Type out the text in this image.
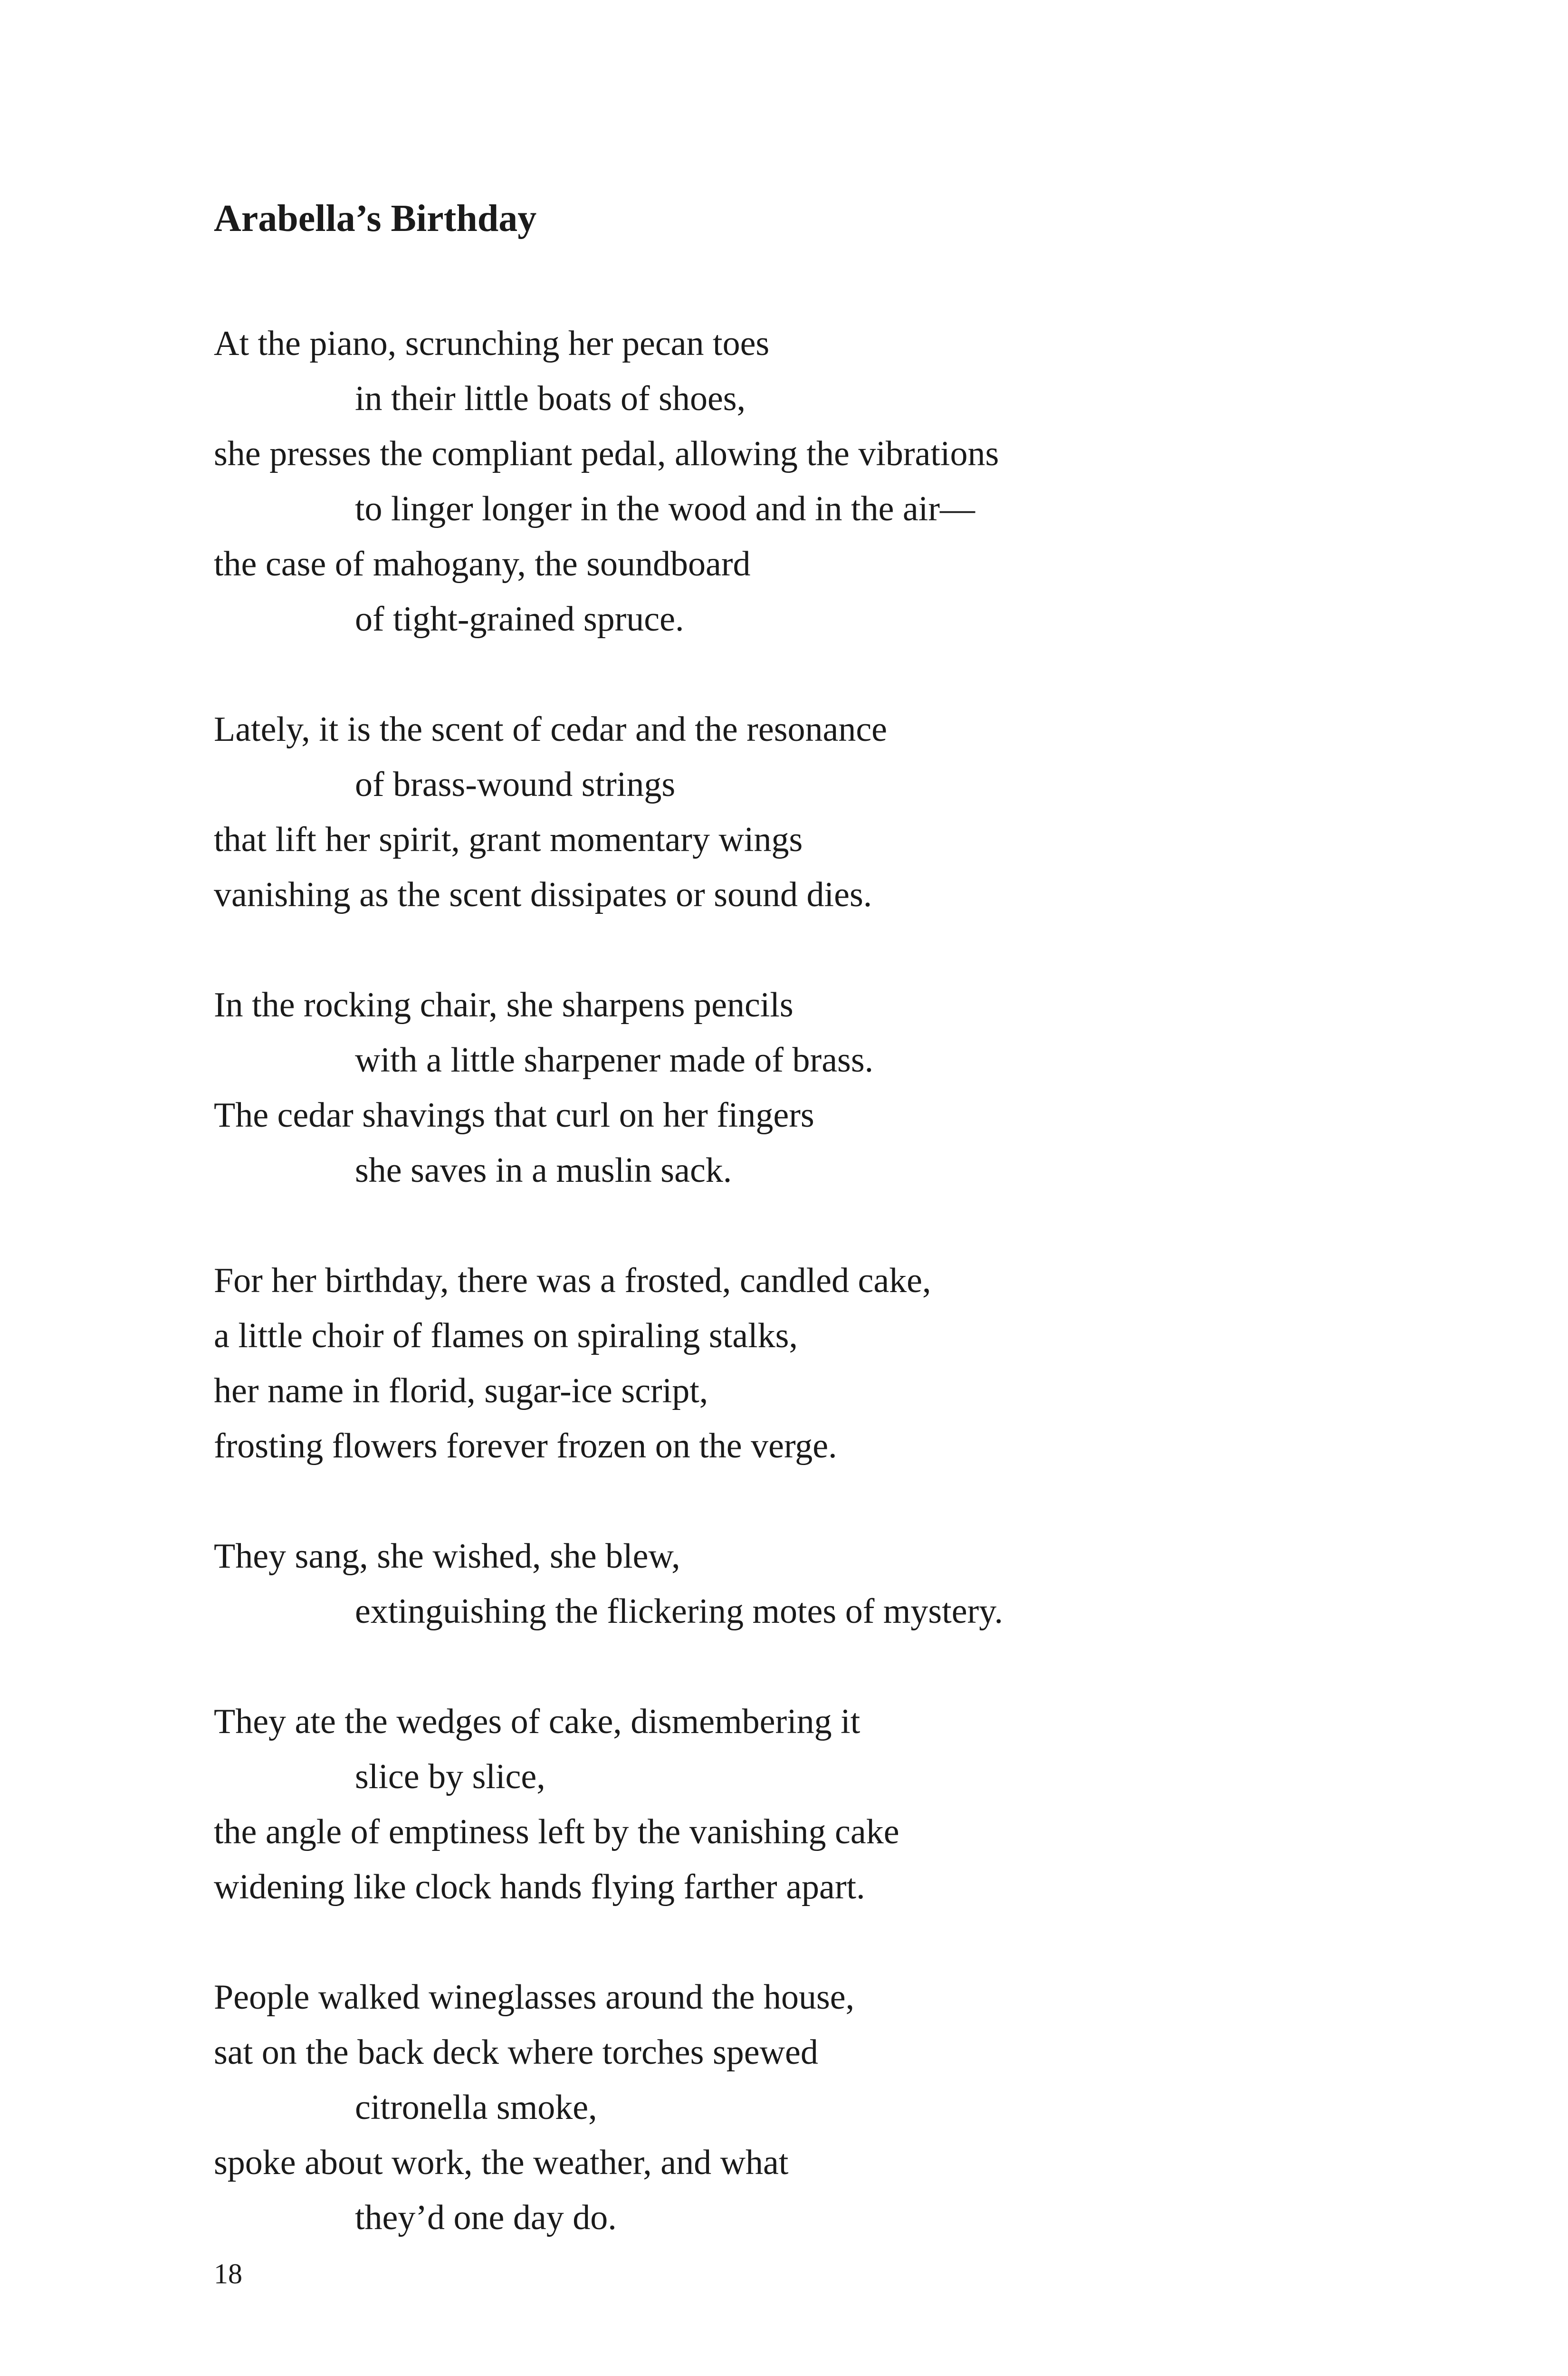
Arabella’s Birthday
At the piano, scrunching her pecan toes
in their little boats of shoes,
she presses the compliant pedal, allowing the vibrations
to linger longer in the wood and in the air—
the case of mahogany, the soundboard
of tight-grained spruce.
Lately, it is the scent of cedar and the resonance
of brass-wound strings
that lift her spirit, grant momentary wings
vanishing as the scent dissipates or sound dies.
In the rocking chair, she sharpens pencils
with a little sharpener made of brass.
The cedar shavings that curl on her fingers
she saves in a muslin sack.
For her birthday, there was a frosted, candled cake,
a little choir of flames on spiraling stalks,
her name in florid, sugar-ice script,
frosting flowers forever frozen on the verge.
They sang, she wished, she blew,
extinguishing the flickering motes of mystery.
They ate the wedges of cake, dismembering it
slice by slice,
the angle of emptiness left by the vanishing cake
widening like clock hands flying farther apart.
People walked wineglasses around the house,
sat on the back deck where torches spewed
citronella smoke,
spoke about work, the weather, and what
they’d one day do.
18
